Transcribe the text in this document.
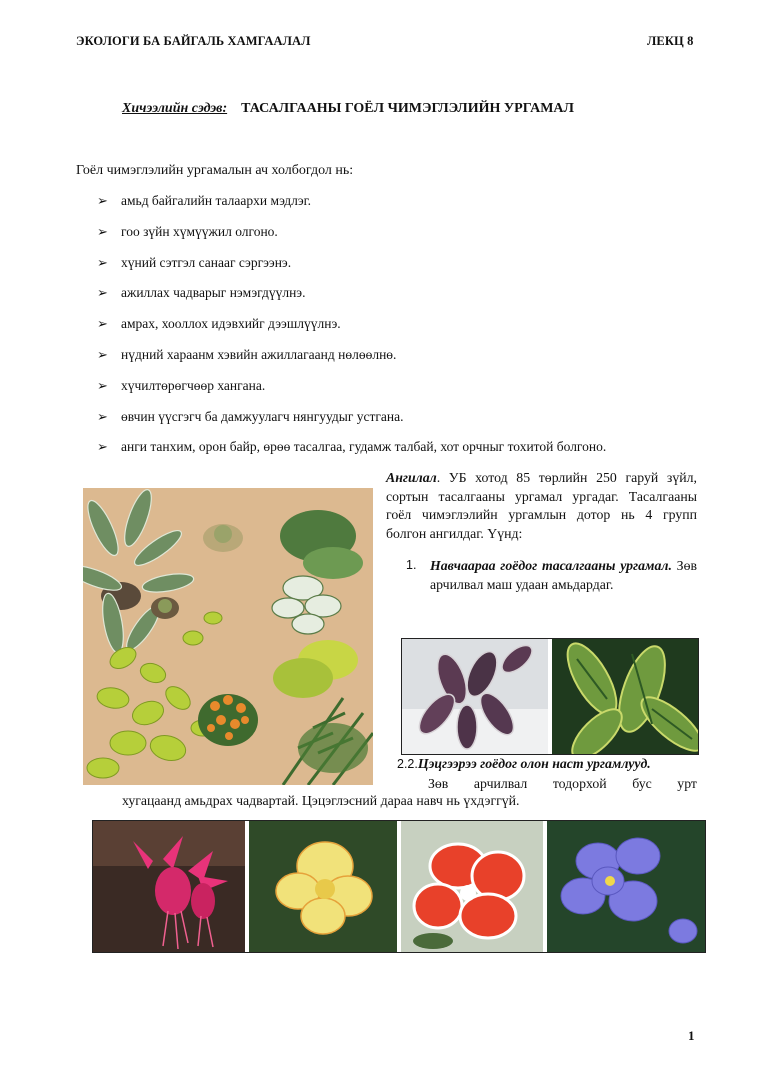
ЭКОЛОГИ БА БАЙГАЛЬ ХАМГААЛАЛ	ЛЕКЦ 8
Хичээлийн сэдэв: ТАСАЛГААНЫ ГОЁЛ ЧИМЭГЛЭЛИЙН УРГАМАЛ
Гоёл чимэглэлийн ургамалын ач холбогдол нь:
➢ амьд байгалийн талаархи мэдлэг.
➢ гоо зүйн хүмүүжил олгоно.
➢ хүний сэтгэл санааг сэргээнэ.
➢ ажиллах чадварыг нэмэгдүүлнэ.
➢ амрах, хооллох идэвхийг дээшлүүлнэ.
➢ нүдний хараанм хэвийн ажиллагаанд нөлөөлнө.
➢ хүчилтөрөгчөөр хангана.
➢ өвчин үүсгэгч ба дамжуулагч нянгуудыг устгана.
➢ анги танхим, орон байр, өрөө тасалгаа, гудамж талбай, хот орчныг тохитой болгоно.
Ангилал. УБ хотод 85 төрлийн 250 гаруй зүйл, сортын тасалгааны ургамал ургадаг. Тасалгааны гоёл чимэглэлийн ургамлын дотор нь 4 групп болгон ангилдаг. Үүнд:
1. Навчаараа гоёдог тасалгааны ургамал. Зөв арчилвал маш удаан амьдардаг.
2.2.Цэцгээрээ гоёдог олон наст ургамлууд.
Зөв арчилвал тодорхой бус урт
хугацаанд амьдрах чадвартай. Цэцэглэсний дараа навч нь үхдэггүй.
1
